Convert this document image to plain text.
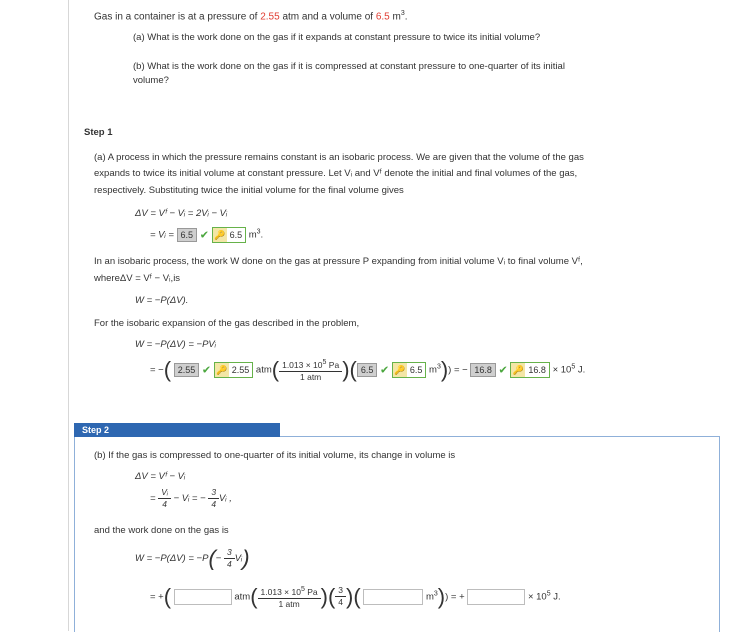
Gas in a container is at a pressure of 2.55 atm and a volume of 6.5 $m^3$.
(a) What is the work done on the gas if it expands at constant pressure to twice its initial volume?
(b) What is the work done on the gas if it is compressed at constant pressure to one-quarter of its initial
volume?
Step 1
(a) A process in which the pressure remains constant is an isobaric process. We are given that the volume of the gas
expands to twice its initial volume at constant pressure. Let Vᵢ and Vᶠ denote the initial and final volumes of the gas,
respectively. Substituting twice the initial volume for the final volume gives
ΔV = Vᶠ − Vᵢ = 2Vᵢ − Vᵢ
= Vᵢ = 6.5 ✔ 🔑 6.5 $m^3$.
In an isobaric process, the work W done on the gas at pressure P expanding from initial volume Vᵢ to final volume Vᶠ,
whereΔV = Vᶠ − Vᵢ,is
W = −P(ΔV).
For the isobaric expansion of the gas described in the problem,
W = −P(ΔV) = −PVᵢ
= −( 2.55 ✔ 🔑 2.55 $atm( \frac{1.013 \times 10^5 Pa}{\text{1 atm}}$ )( 6.5 ✔ 🔑 6.5 $m^3$)) = − 16.8 ✔ 🔑 $16.8 \times 10^5$ J.
Step 2
(b) If the gas is compressed to one-quarter of its initial volume, its change in volume is
ΔV = Vᶠ − Vᵢ
= $\frac{\text{Vᵢ}}{4}$ − Vᵢ = − $\frac{3}{4}$ Vᵢ ,
and the work done on the gas is
$W = -P(\Delta V) = -P(- \frac{3}{4}$ Vᵢ)
= +(	$atm( \frac{1.013 \times 10^5 Pa}{\text{1 atm}}$ )( $\frac{3}{4}$ )(	$m^3$)) = +	× $10^5$ J.
